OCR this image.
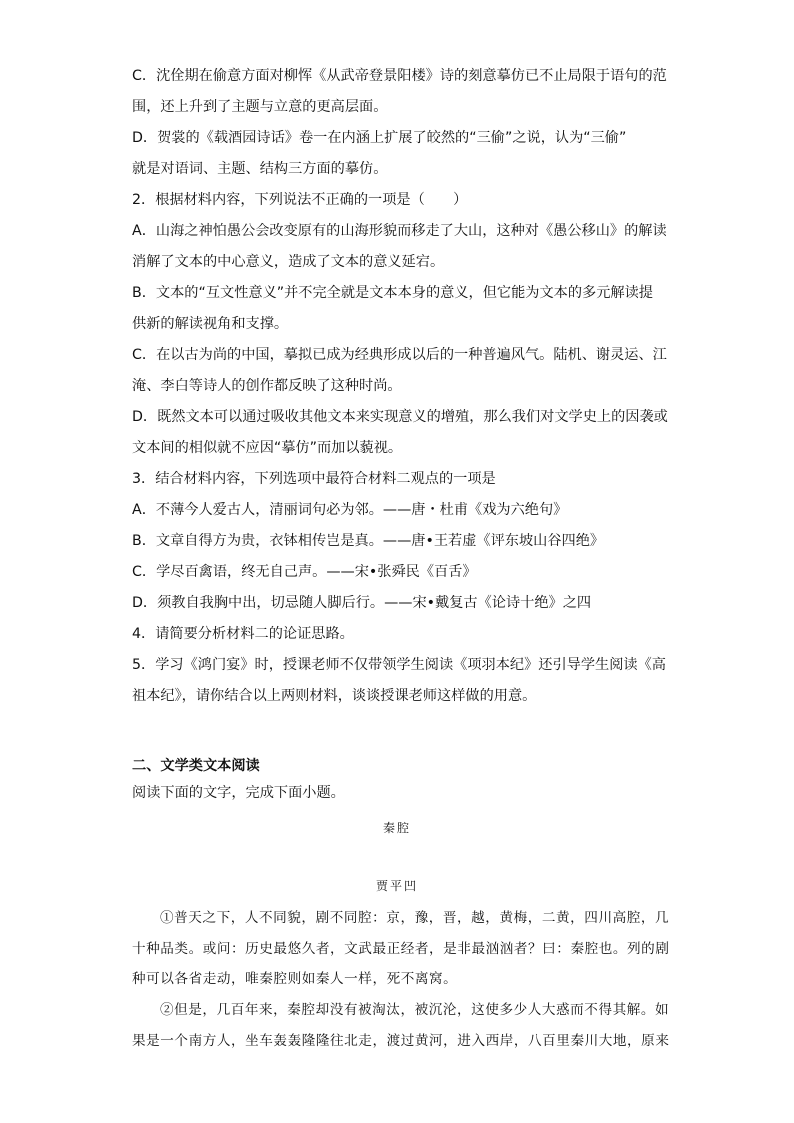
C．沈佺期在偷意方面对柳恽《从武帝登景阳楼》诗的刻意摹仿已不止局限于语句的范
围，还上升到了主题与立意的更高层面。
D．贺裳的《载酒园诗话》卷一在内涵上扩展了皎然的“三偷”之说，认为“三偷”
就是对语词、主题、结构三方面的摹仿。
2．根据材料内容，下列说法不正确的一项是（　　）
A．山海之神怕愚公会改变原有的山海形貌而移走了大山，这种对《愚公移山》的解读
消解了文本的中心意义，造成了文本的意义延宕。
B．文本的“互文性意义”并不完全就是文本本身的意义，但它能为文本的多元解读提
供新的解读视角和支撑。
C．在以古为尚的中国，摹拟已成为经典形成以后的一种普遍风气。陆机、谢灵运、江
淹、李白等诗人的创作都反映了这种时尚。
D．既然文本可以通过吸收其他文本来实现意义的增殖，那么我们对文学史上的因袭或
文本间的相似就不应因“摹仿”而加以藐视。
3．结合材料内容，下列选项中最符合材料二观点的一项是
A．不薄今人爱古人，清丽词句必为邻。——唐・杜甫《戏为六绝句》
B．文章自得方为贵，衣钵相传岂是真。——唐•王若虚《评东坡山谷四绝》
C．学尽百禽语，终无自己声。——宋•张舜民《百舌》
D．须教自我胸中出，切忌随人脚后行。——宋•戴复古《论诗十绝》之四
4．请简要分析材料二的论证思路。
5．学习《鸿门宴》时，授课老师不仅带领学生阅读《项羽本纪》还引导学生阅读《高
祖本纪》，请你结合以上两则材料，谈谈授课老师这样做的用意。
二、文学类文本阅读
阅读下面的文字，完成下面小题。
秦腔
贾平凹
①普天之下，人不同貌，剧不同腔：京，豫，晋，越，黄梅，二黄，四川高腔，几
十种品类。或问：历史最悠久者，文武最正经者，是非最汹汹者？曰：秦腔也。列的剧
种可以各省走动，唯秦腔则如秦人一样，死不离窝。
②但是，几百年来，秦腔却没有被淘汰，被沉沦，这使多少人大惑而不得其解。如
果是一个南方人，坐车轰轰隆隆往北走，渡过黄河，进入西岸，八百里秦川大地，原来
